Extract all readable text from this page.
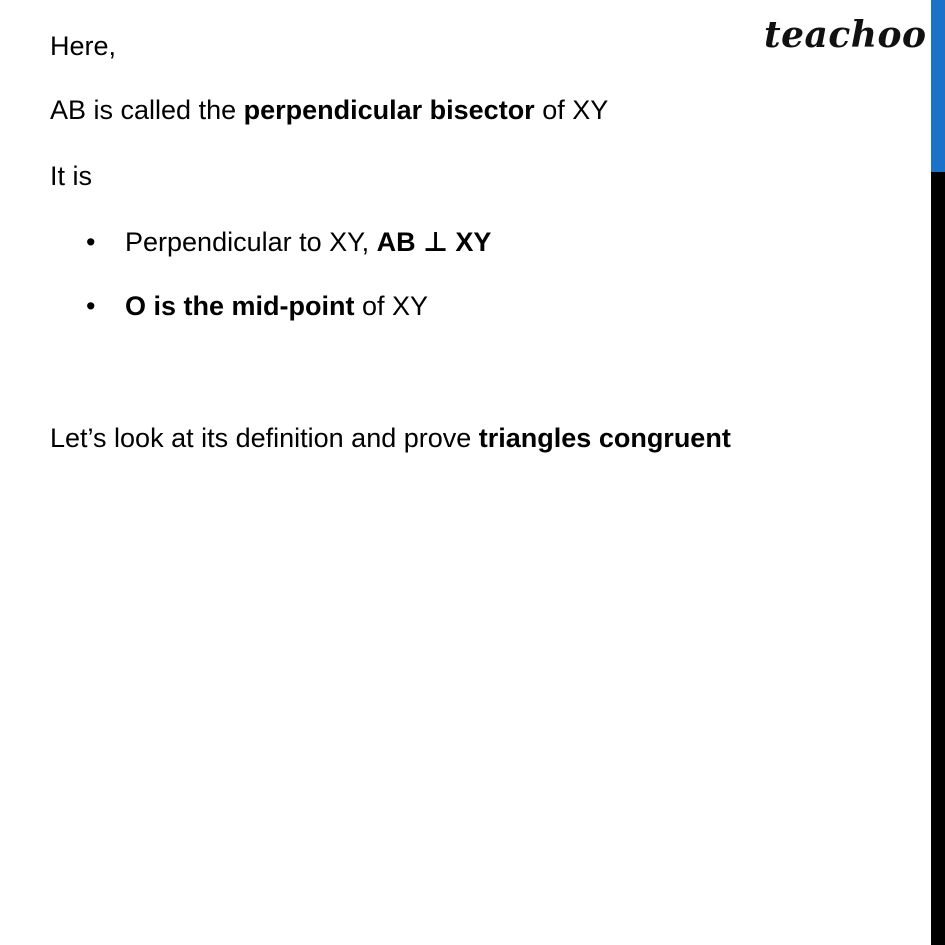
teachoo
Here,
AB is called the perpendicular bisector of XY
It is
• Perpendicular to XY, AB ⊥ XY
• O is the mid-point of XY
Let’s look at its definition and prove triangles congruent
